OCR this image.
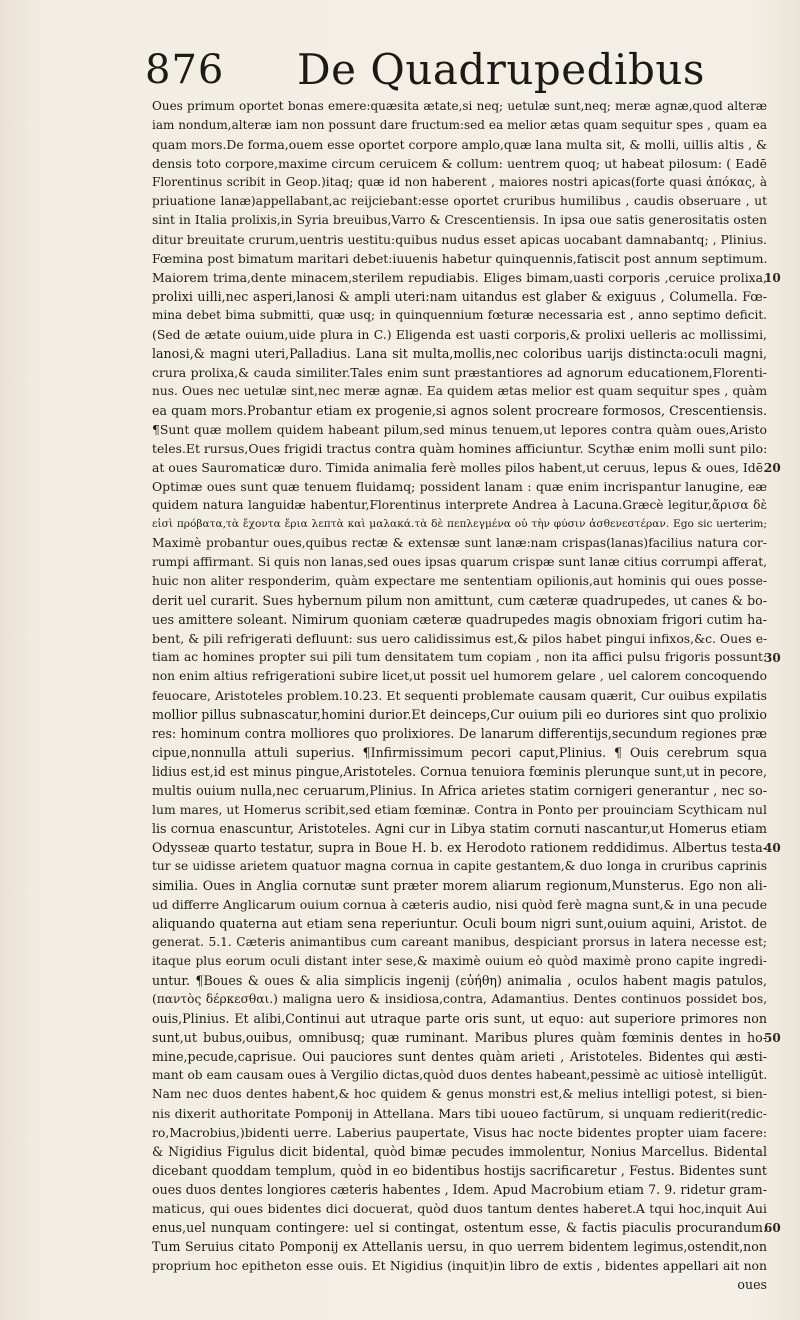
876 De Quadrupedibus
Oues primum oportet bonas emere:quæsita ætate,si neq; uetulæ sunt,neq; meræ agnæ,quod alteræ
iam nondum,alteræ iam non possunt dare fructum:sed ea melior ætas quam sequitur spes , quam ea
quam mors.De forma,ouem esse oportet corpore amplo,quæ lana multa sit, & molli, uillis altis , &
densis toto corpore,maxime circum ceruicem & collum: uentrem quoq; ut habeat pilosum: ( Eadē
Florentinus scribit in Geop.)itaq; quæ id non haberent , maiores nostri apicas(forte quasi ἀπόκας, à
priuatione lanæ)appellabant,ac reijciebant:esse oportet cruribus humilibus , caudis obseruare , ut
sint in Italia prolixis,in Syria breuibus,Varro & Crescentiensis. In ipsa oue satis generositatis osten
ditur breuitate crurum,uentris uestitu:quibus nudus esset apicas uocabant damnabantq; , Plinius.
Fœmina post bimatum maritari debet:iuuenis habetur quinquennis,fatiscit post annum septimum.
Maiorem trima,dente minacem,sterilem repudiabis. Eliges bimam,uasti corporis ,ceruice prolixa,
prolixi uilli,nec asperi,lanosi & ampli uteri:nam uitandus est glaber & exiguus , Columella. Fœ-
mina debet bima submitti, quæ usq; in quinquennium fœturæ necessaria est , anno septimo deficit.
(Sed de ætate ouium,uide plura in C.) Eligenda est uasti corporis,& prolixi uelleris ac mollissimi,
lanosi,& magni uteri,Palladius. Lana sit multa,mollis,nec coloribus uarijs distincta:oculi magni,
crura prolixa,& cauda similiter.Tales enim sunt præstantiores ad agnorum educationem,Florenti-
nus. Oues nec uetulæ sint,nec meræ agnæ. Ea quidem ætas melior est quam sequitur spes , quàm
ea quam mors.Probantur etiam ex progenie,si agnos solent procreare formosos, Crescentiensis.
¶Sunt quæ mollem quidem habeant pilum,sed minus tenuem,ut lepores contra quàm oues,Aristo
teles.Et rursus,Oues frigidi tractus contra quàm homines afficiuntur. Scythæ enim molli sunt pilo:
at oues Sauromaticæ duro. Timida animalia ferè molles pilos habent,ut ceruus, lepus & oues, Idē.
Optimæ oues sunt quæ tenuem fluidamq; possident lanam : quæ enim incrispantur lanugine, eæ
quidem natura languidæ habentur,Florentinus interprete Andrea à Lacuna.Græcè legitur,ἄρισα δὲ
εἰσὶ πρόβατα,τὰ ἔχοντα ἔρια λεπτὰ καὶ μαλακά.τὰ δὲ πεπλεγμένα οὐ τὴν φύσιν ἀσθενεστέραν. Ego sic uerterim;
Maximè probantur oues,quibus rectæ & extensæ sunt lanæ:nam crispas(lanas)facilius natura cor-
rumpi affirmant. Si quis non lanas,sed oues ipsas quarum crispæ sunt lanæ citius corrumpi afferat,
huic non aliter responderim, quàm expectare me sententiam opilionis,aut hominis qui oues posse-
derit uel curarit. Sues hybernum pilum non amittunt, cum cæteræ quadrupedes, ut canes & bo-
ues amittere soleant. Nimirum quoniam cæteræ quadrupedes magis obnoxiam frigori cutim ha-
bent, & pili refrigerati defluunt: sus uero calidissimus est,& pilos habet pingui infixos,&c. Oues e-
tiam ac homines propter sui pili tum densitatem tum copiam , non ita affici pulsu frigoris possunt:
non enim altius refrigerationi subire licet,ut possit uel humorem gelare , uel calorem concoquendo
feuocare, Aristoteles problem.10.23. Et sequenti problemate causam quærit, Cur ouibus expilatis
mollior pillus subnascatur,homini durior.Et deinceps,Cur ouium pili eo duriores sint quo prolixio
res: hominum contra molliores quo prolixiores. De lanarum differentijs,secundum regiones præ
cipue,nonnulla attuli superius. ¶Infirmissimum pecori caput,Plinius. ¶ Ouis cerebrum squa
lidius est,id est minus pingue,Aristoteles. Cornua tenuiora fœminis plerunque sunt,ut in pecore,
multis ouium nulla,nec ceruarum,Plinius. In Africa arietes statim cornigeri generantur , nec so-
lum mares, ut Homerus scribit,sed etiam fœminæ. Contra in Ponto per prouinciam Scythicam nul
lis cornua enascuntur, Aristoteles. Agni cur in Libya statim cornuti nascantur,ut Homerus etiam
Odysseæ quarto testatur, supra in Boue H. b. ex Herodoto rationem reddidimus. Albertus testa-
tur se uidisse arietem quatuor magna cornua in capite gestantem,& duo longa in cruribus caprinis
similia. Oues in Anglia cornutæ sunt præter morem aliarum regionum,Munsterus. Ego non ali-
ud differre Anglicarum ouium cornua à cæteris audio, nisi quòd ferè magna sunt,& in una pecude
aliquando quaterna aut etiam sena reperiuntur. Oculi boum nigri sunt,ouium aquini, Aristot. de
generat. 5.1. Cæteris animantibus cum careant manibus, despiciant prorsus in latera necesse est;
itaque plus eorum oculi distant inter sese,& maximè ouium eò quòd maximè prono capite ingredi-
untur. ¶Boues & oues & alia simplicis ingenij (εὐήθη) animalia , oculos habent magis patulos,
(παντὸς δέρκεσθαι.) maligna uero & insidiosa,contra, Adamantius. Dentes continuos possidet bos,
ouis,Plinius. Et alibi,Continui aut utraque parte oris sunt, ut equo: aut superiore primores non
sunt,ut bubus,ouibus, omnibusq; quæ ruminant. Maribus plures quàm fœminis dentes in ho-
mine,pecude,caprisue. Oui pauciores sunt dentes quàm arieti , Aristoteles. Bidentes qui æsti-
mant ob eam causam oues à Vergilio dictas,quòd duos dentes habeant,pessimè ac uitiosè intelligūt.
Nam nec duos dentes habent,& hoc quidem & genus monstri est,& melius intelligi potest, si bien-
nis dixerit authoritate Pomponij in Attellana. Mars tibi uoueo factūrum, si unquam redierit(redic-
ro,Macrobius,)bidenti uerre. Laberius paupertate, Visus hac nocte bidentes propter uiam facere:
& Nigidius Figulus dicit bidental, quòd bimæ pecudes immolentur, Nonius Marcellus. Bidental
dicebant quoddam templum, quòd in eo bidentibus hostijs sacrificaretur , Festus. Bidentes sunt
oues duos dentes longiores cæteris habentes , Idem. Apud Macrobium etiam 7. 9. ridetur gram-
maticus, qui oues bidentes dici docuerat, quòd duos tantum dentes haberet.A tqui hoc,inquit Aui
enus,uel nunquam contingere: uel si contingat, ostentum esse, & factis piaculis procurandum.
Tum Seruius citato Pomponij ex Attellanis uersu, in quo uerrem bidentem legimus,ostendit,non
proprium hoc epitheton esse ouis. Et Nigidius (inquit)in libro de extis , bidentes appellari ait non
oues
10
20
30
40
50
60
